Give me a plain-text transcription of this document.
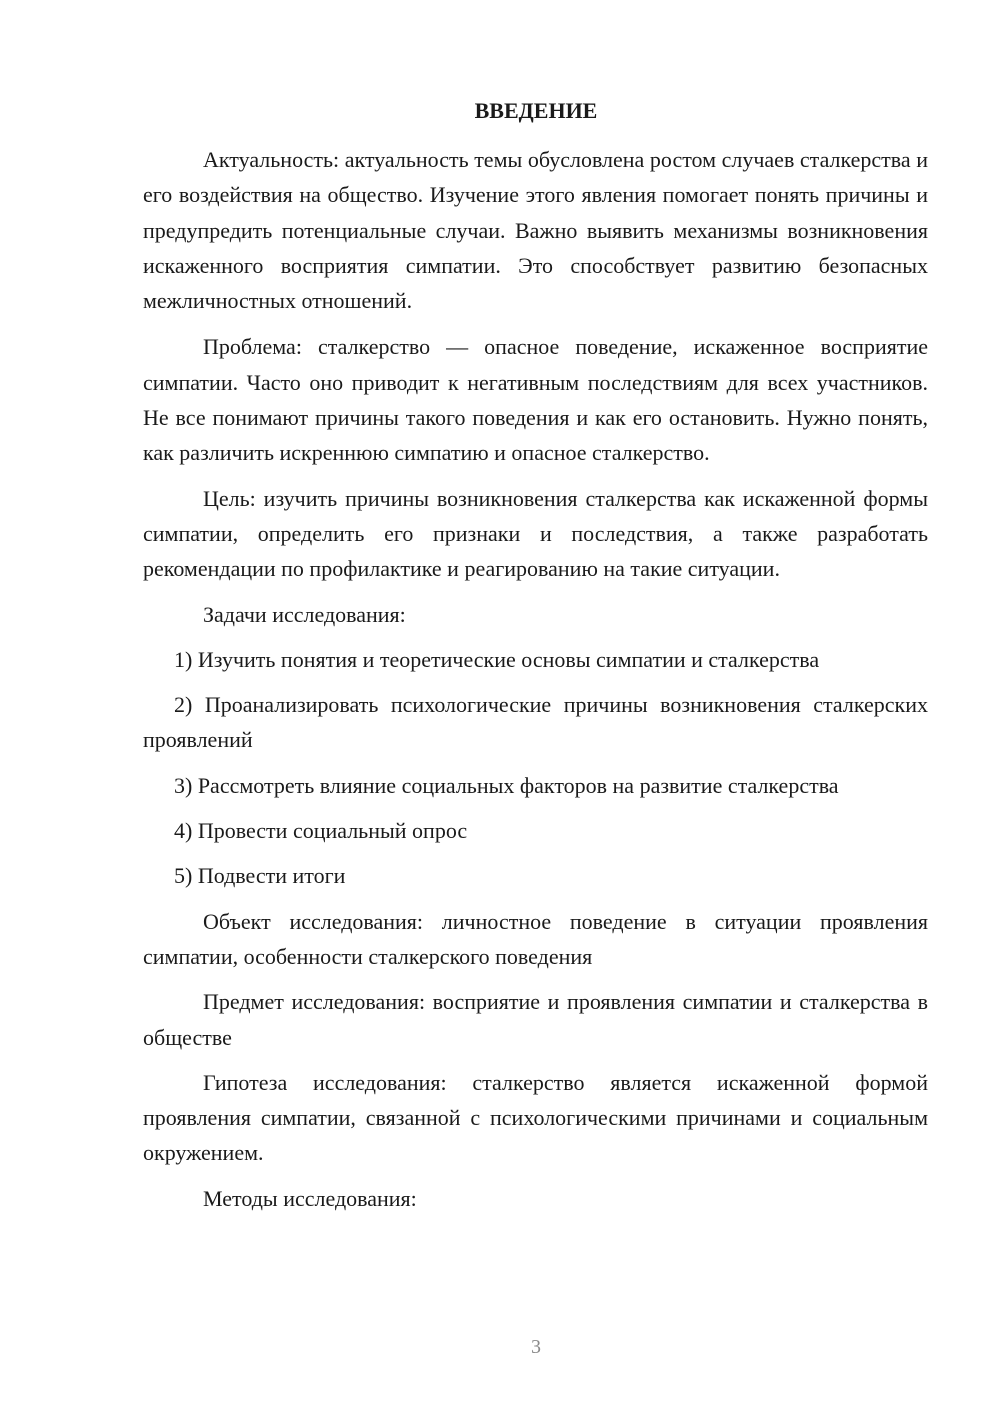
ВВЕДЕНИЕ

Актуальность: актуальность темы обусловлена ростом случаев сталкерства и его воздействия на общество. Изучение этого явления помогает понять причины и предупредить потенциальные случаи. Важно выявить механизмы возникновения искаженного восприятия симпатии. Это способствует развитию безопасных межличностных отношений.

Проблема: сталкерство — опасное поведение, искаженное восприятие симпатии. Часто оно приводит к негативным последствиям для всех участников. Не все понимают причины такого поведения и как его остановить. Нужно понять, как различить искреннюю симпатию и опасное сталкерство.

Цель: изучить причины возникновения сталкерства как искаженной формы симпатии, определить его признаки и последствия, а также разработать рекомендации по профилактике и реагированию на такие ситуации.

Задачи исследования:

1) Изучить понятия и теоретические основы симпатии и сталкерства

2) Проанализировать психологические причины возникновения сталкерских проявлений

3) Рассмотреть влияние социальных факторов на развитие сталкерства

4) Провести социальный опрос

5) Подвести итоги

Объект исследования: личностное поведение в ситуации проявления симпатии, особенности сталкерского поведения

Предмет исследования: восприятие и проявления симпатии и сталкерства в обществе

Гипотеза исследования: сталкерство является искаженной формой проявления симпатии, связанной с психологическими причинами и социальным окружением.

Методы исследования:

3
